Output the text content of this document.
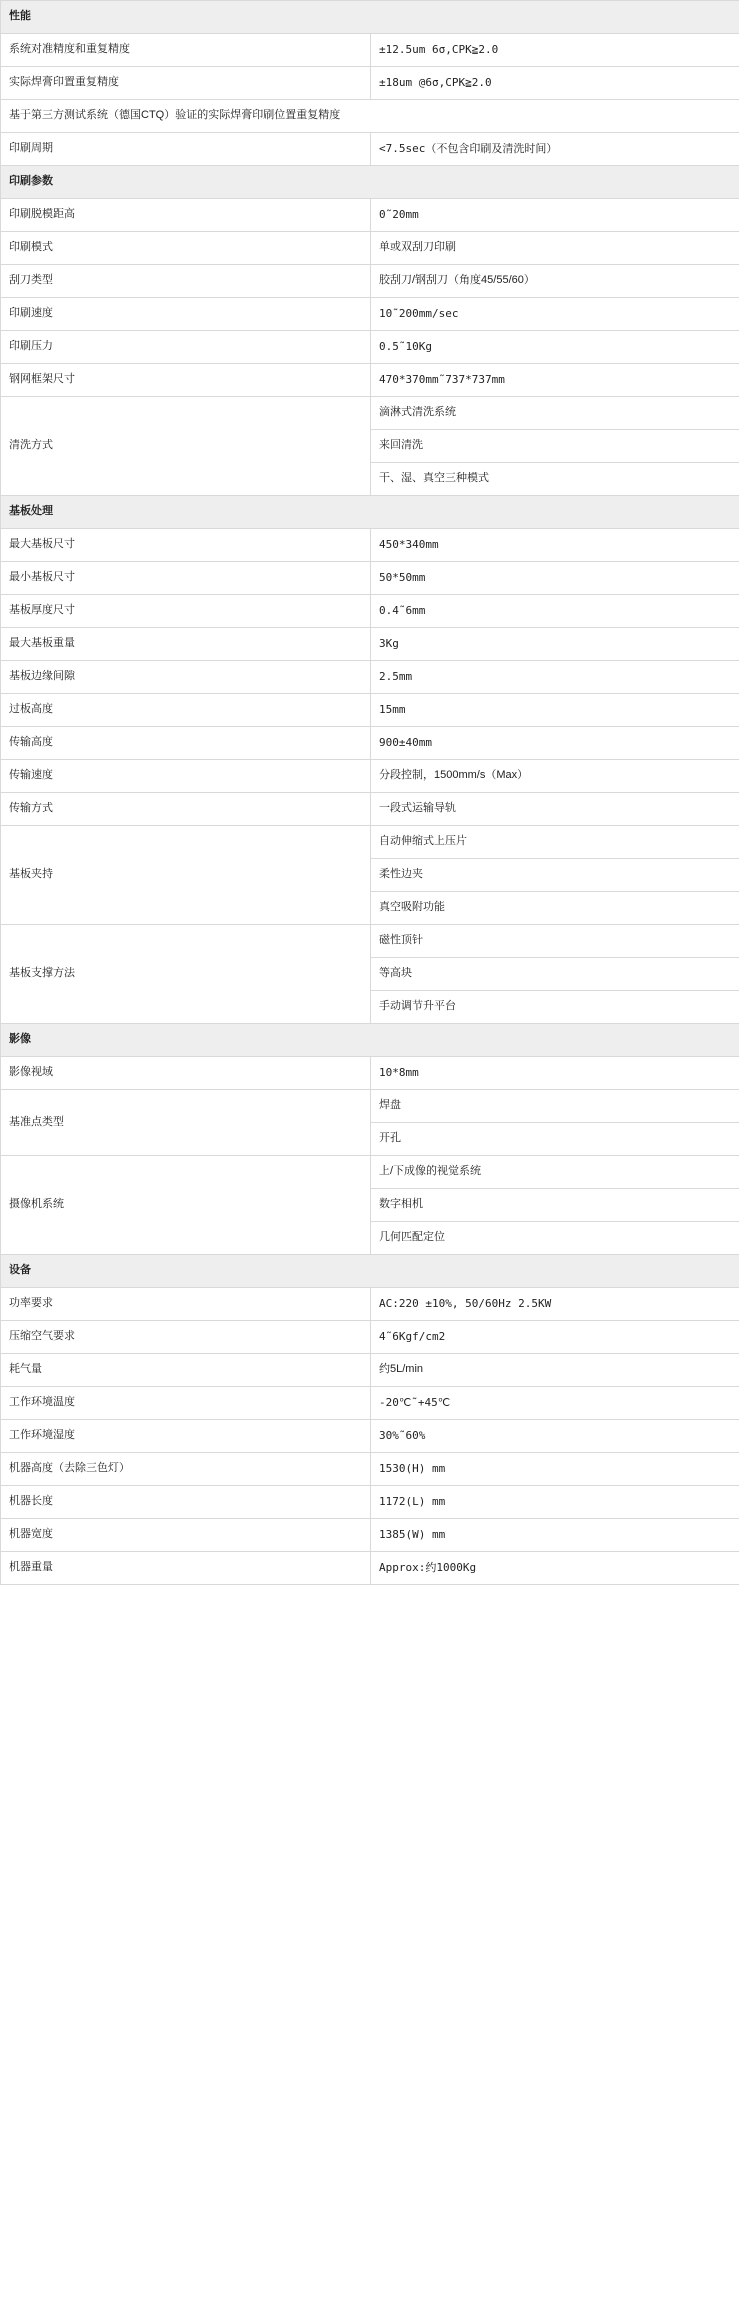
性能	
系统对准精度和重复精度	±12.5um 6σ,CPK≧2.0
实际焊膏印置重复精度	±18um @6σ,CPK≧2.0
基于第三方测试系统（德国CTQ）验证的实际焊膏印刷位置重复精度	
印刷周期	<7.5sec（不包含印刷及清洗时间）
印刷参数	
印刷脱模距高	0˜20mm
印刷模式	单或双刮刀印刷
刮刀类型	胶刮刀/钢刮刀（角度45/55/60）
印刷速度	10˜200mm/sec
印刷压力	0.5˜10Kg
钢网框架尺寸	470*370mm˜737*737mm
清洗方式	滴淋式清洗系统
	来回清洗
	干、湿、真空三种模式
基板处理	
最大基板尺寸	450*340mm
最小基板尺寸	50*50mm
基板厚度尺寸	0.4˜6mm
最大基板重量	3Kg
基板边缘间隙	2.5mm
过板高度	15mm
传输高度	900±40mm
传输速度	分段控制，1500mm/s（Max）
传输方式	一段式运输导轨
基板夹持	自动伸缩式上压片
	柔性边夹
	真空吸附功能
基板支撑方法	磁性顶针
	等高块
	手动调节升平台
影像	
影像视域	10*8mm
基准点类型	焊盘
	开孔
摄像机系统	上/下成像的视觉系统
	数字相机
	几何匹配定位
设备	
功率要求	AC:220 ±10%, 50/60Hz 2.5KW
压缩空气要求	4˜6Kgf/cm2
耗气量	约5L/min
工作环境温度	-20℃˜+45℃
工作环境湿度	30%˜60%
机器高度（去除三色灯）	1530(H) mm
机器长度	1172(L) mm
机器宽度	1385(W) mm
机器重量	Approx:约1000Kg
